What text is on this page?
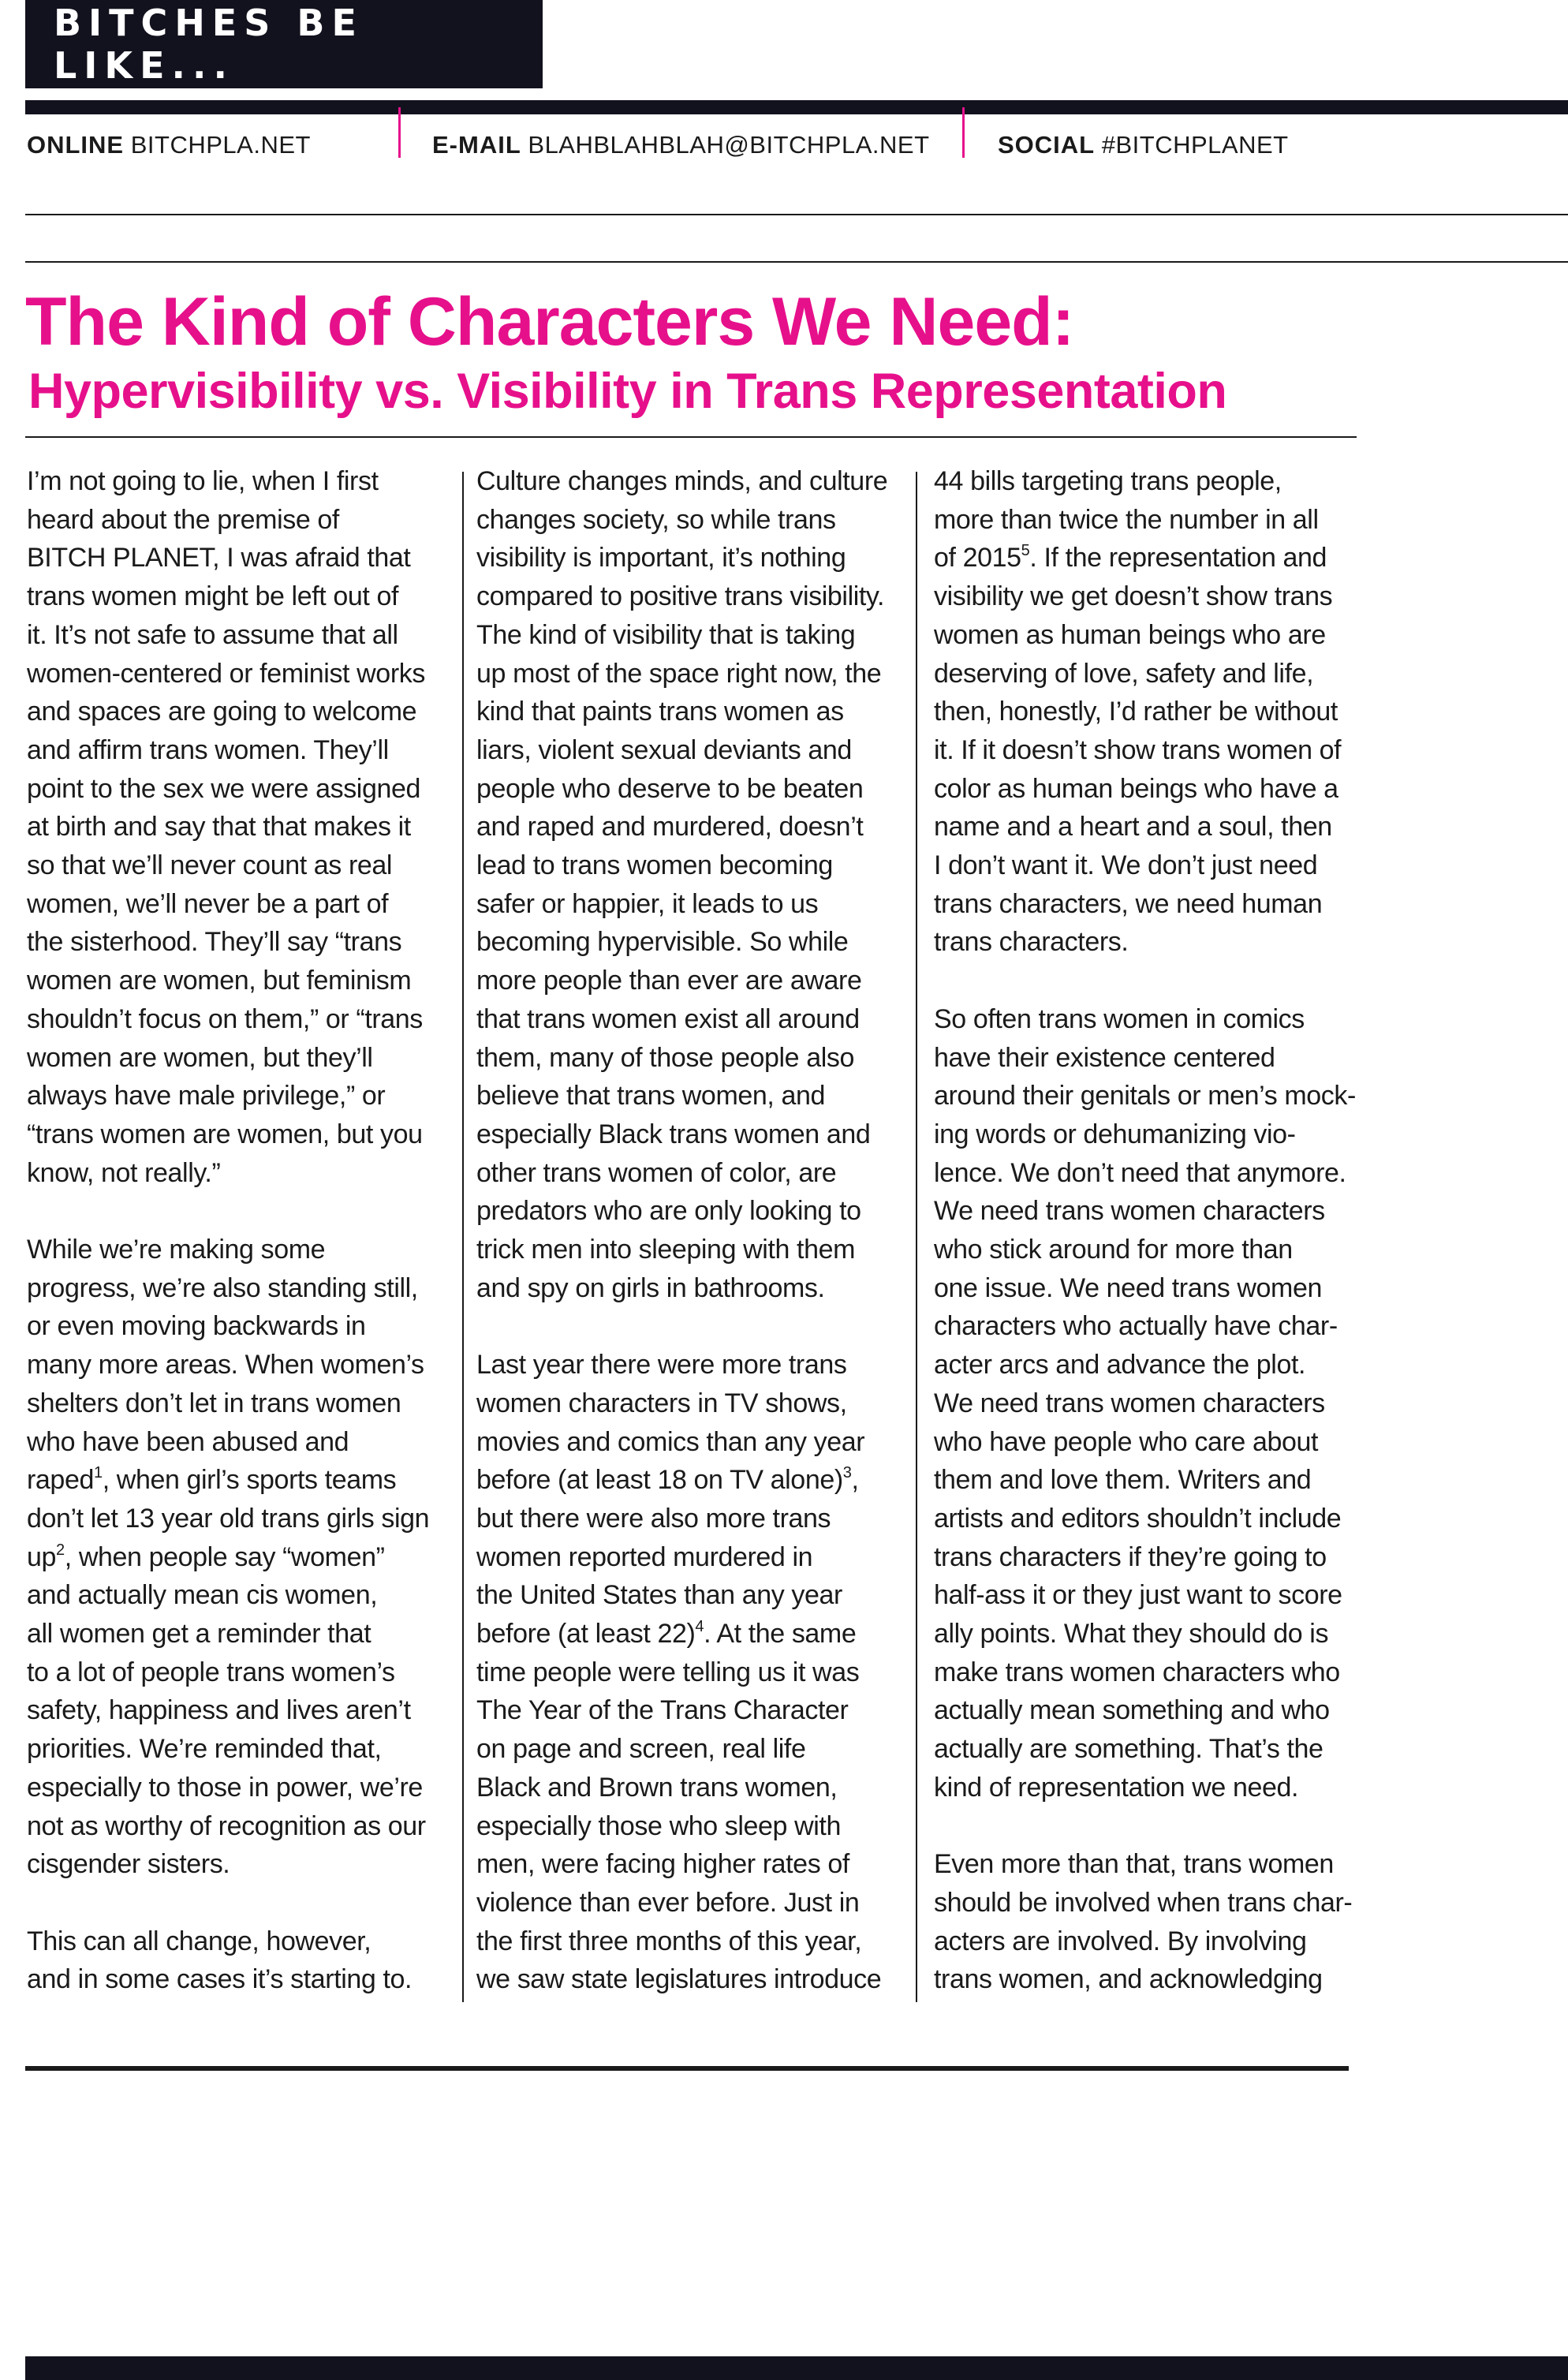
BITCHES BE LIKE...
ONLINE BITCHPLA.NET	E-MAIL BLAHBLAHBLAH@BITCHPLA.NET	SOCIAL #BITCHPLANET
The Kind of Characters We Need:
Hypervisibility vs. Visibility in Trans Representation

I’m not going to lie, when I first
heard about the premise of
BITCH PLANET, I was afraid that
trans women might be left out of
it. It’s not safe to assume that all
women-centered or feminist works
and spaces are going to welcome
and affirm trans women. They’ll
point to the sex we were assigned
at birth and say that that makes it
so that we’ll never count as real
women, we’ll never be a part of
the sisterhood. They’ll say “trans
women are women, but feminism
shouldn’t focus on them,” or “trans
women are women, but they’ll
always have male privilege,” or
“trans women are women, but you
know, not really.”

While we’re making some
progress, we’re also standing still,
or even moving backwards in
many more areas. When women’s
shelters don’t let in trans women
who have been abused and
raped$^1$, when girl’s sports teams
don’t let 13 year old trans girls sign
$up^2$, when people say “women”
and actually mean cis women,
all women get a reminder that
to a lot of people trans women’s
safety, happiness and lives aren’t
priorities. We’re reminded that,
especially to those in power, we’re
not as worthy of recognition as our
cisgender sisters.

This can all change, however,
and in some cases it’s starting to.

Culture changes minds, and culture
changes society, so while trans
visibility is important, it’s nothing
compared to positive trans visibility.
The kind of visibility that is taking
up most of the space right now, the
kind that paints trans women as
liars, violent sexual deviants and
people who deserve to be beaten
and raped and murdered, doesn’t
lead to trans women becoming
safer or happier, it leads to us
becoming hypervisible. So while
more people than ever are aware
that trans women exist all around
them, many of those people also
believe that trans women, and
especially Black trans women and
other trans women of color, are
predators who are only looking to
trick men into sleeping with them
and spy on girls in bathrooms.

Last year there were more trans
women characters in TV shows,
movies and comics than any year
before (at least 18 on TV alone)$^3$,
but there were also more trans
women reported murdered in
the United States than any year
before (at least 22)$^4$. At the same
time people were telling us it was
The Year of the Trans Character
on page and screen, real life
Black and Brown trans women,
especially those who sleep with
men, were facing higher rates of
violence than ever before. Just in
the first three months of this year,
we saw state legislatures introduce

44 bills targeting trans people,
more than twice the number in all
of 2015$^5$. If the representation and
visibility we get doesn’t show trans
women as human beings who are
deserving of love, safety and life,
then, honestly, I’d rather be without
it. If it doesn’t show trans women of
color as human beings who have a
name and a heart and a soul, then
I don’t want it. We don’t just need
trans characters, we need human
trans characters.

So often trans women in comics
have their existence centered
around their genitals or men’s mock-
ing words or dehumanizing vio-
lence. We don’t need that anymore.
We need trans women characters
who stick around for more than
one issue. We need trans women
characters who actually have char-
acter arcs and advance the plot.
We need trans women characters
who have people who care about
them and love them. Writers and
artists and editors shouldn’t include
trans characters if they’re going to
half-ass it or they just want to score
ally points. What they should do is
make trans women characters who
actually mean something and who
actually are something. That’s the
kind of representation we need.

Even more than that, trans women
should be involved when trans char-
acters are involved. By involving
trans women, and acknowledging
